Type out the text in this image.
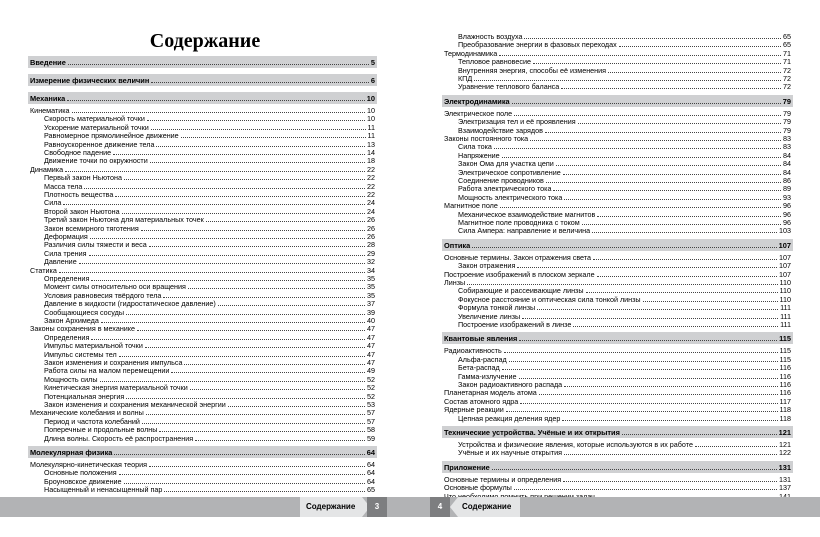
Содержание
Введение	5
Измерение физических величин	6
Механика	10
Кинематика	10
Скорость материальной точки	10
Ускорение материальной точки	11
Равномерное прямолинейное движение	11
Равноускоренное движение тела	13
Свободное падение	14
Движение точки по окружности	18
Динамика	22
Первый закон Ньютона	22
Масса тела	22
Плотность вещества	22
Сила	24
Второй закон Ньютона	24
Третий закон Ньютона для материальных точек	26
Закон всемирного тяготения	26
Деформация	26
Различия силы тяжести и веса	28
Сила трения	29
Давление	32
Статика	34
Определения	35
Момент силы относительно оси вращения	35
Условия равновесия твёрдого тела	35
Давление в жидкости (гидростатическое давление)	37
Сообщающиеся сосуды	39
Закон Архимеда	40
Законы сохранения в механике	47
Определения	47
Импульс материальной точки	47
Импульс системы тел	47
Закон изменения и сохранения импульса	47
Работа силы на малом перемещении	49
Мощность силы	52
Кинетическая энергия материальной точки	52
Потенциальная энергия	52
Закон изменения и сохранения механической энергии	53
Механические колебания и волны	57
Период и частота колебаний	57
Поперечные и продольные волны	58
Длина волны. Скорость её распространения	59
Молекулярная физика	64
Молекулярно-кинетическая теория	64
Основные положения	64
Броуновское движение	64
Насыщенный и ненасыщенный пар	65
Влажность воздуха	65
Преобразование энергии в фазовых переходах	65
Термодинамика	71
Тепловое равновесие	71
Внутренняя энергия, способы её изменения	72
КПД	72
Уравнение теплового баланса	72
Электродинамика	79
Электрическое поле	79
Электризация тел и её проявления	79
Взаимодействие зарядов	79
Законы постоянного тока	83
Сила тока	83
Напряжение	84
Закон Ома для участка цепи	84
Электрическое сопротивление	84
Соединение проводников	86
Работа электрического тока	89
Мощность электрического тока	93
Магнитное поле	96
Механическое взаимодействие магнитов	96
Магнитное поле проводника с током	96
Сила Ампера: направление и величина	103
Оптика	107
Основные термины. Закон отражения света	107
Закон отражения	107
Построение изображений в плоском зеркале	107
Линзы	110
Собирающие и рассеивающие линзы	110
Фокусное расстояние и оптическая сила тонкой линзы	110
Формула тонкой линзы	111
Увеличение линзы	111
Построение изображений в линзе	111
Квантовые явления	115
Радиоактивность	115
Альфа-распад	115
Бета-распад	116
Гамма-излучение	116
Закон радиоактивного распада	116
Планетарная модель атома	116
Состав атомного ядра	117
Ядерные реакции	118
Цепная реакция деления ядер	118
Технические устройства. Учёные и их открытия	121
Устройства и физические явления, которые используются в их работе	121
Учёные и их научные открытия	122
Приложение	131
Основные термины и определения	131
Основные формулы	137
Содержание	3	4	Содержание
